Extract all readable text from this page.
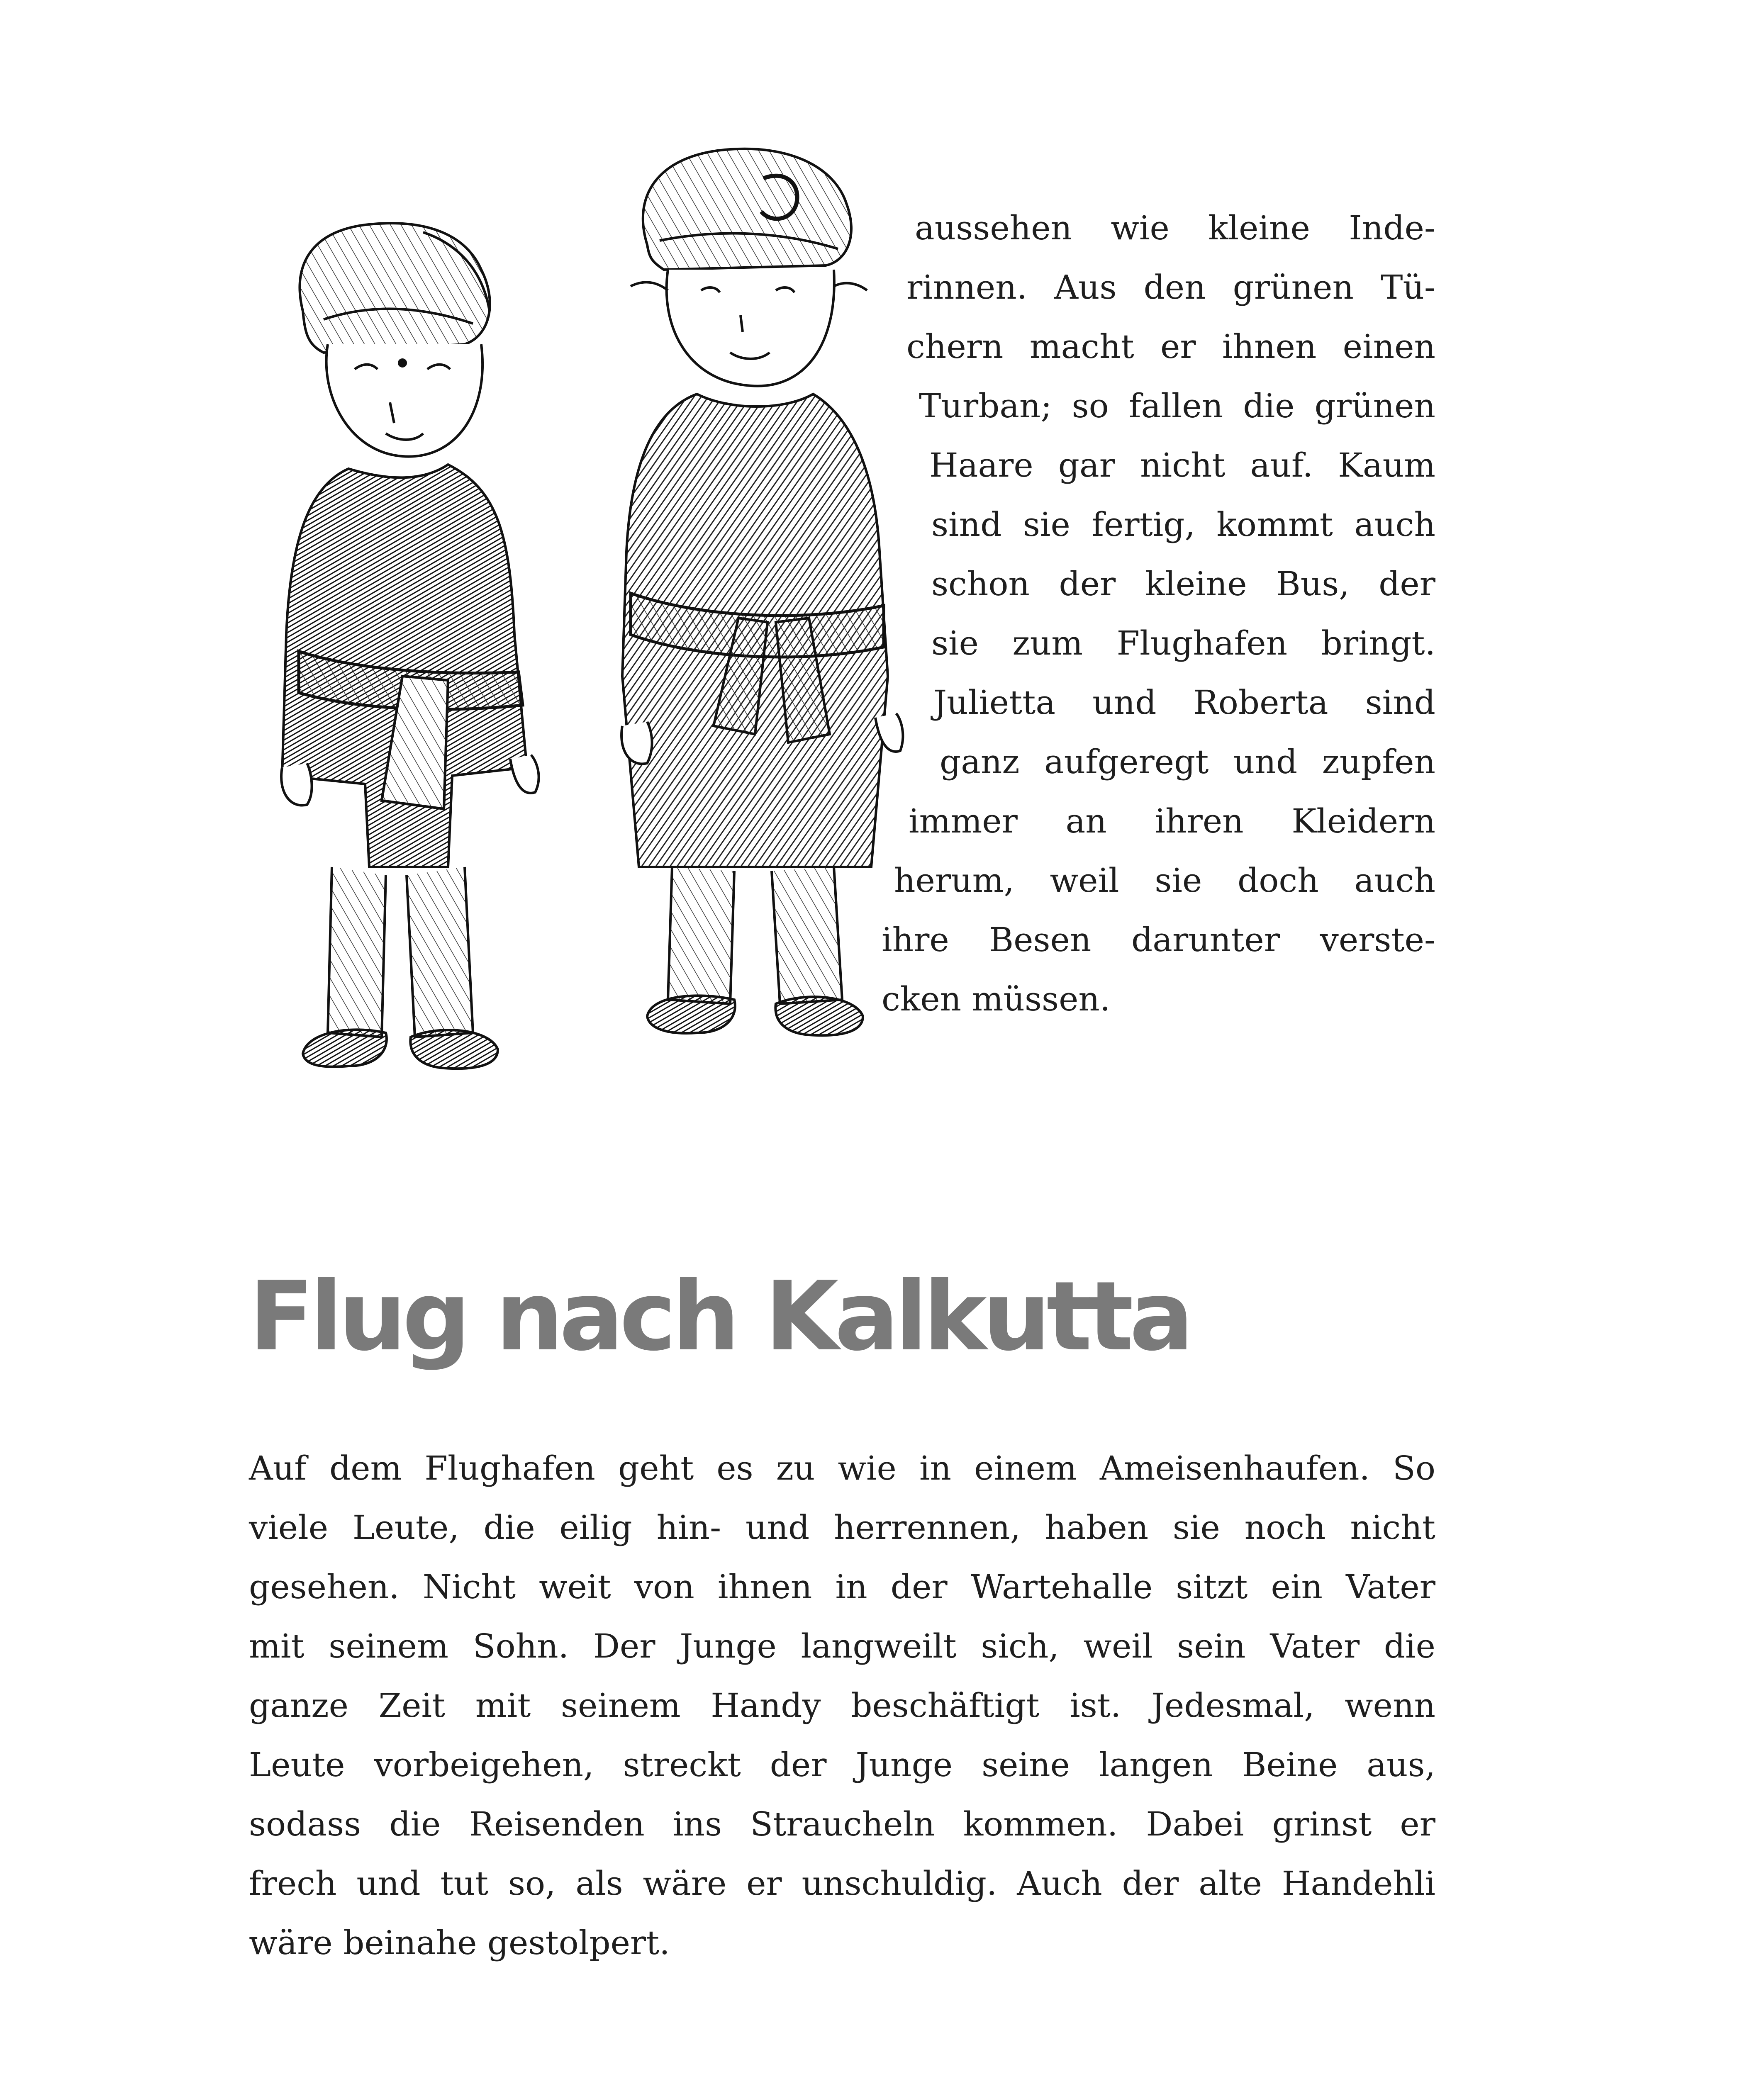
aussehen wie kleine Inde-
rinnen. Aus den grünen Tü-
chern macht er ihnen einen
Turban; so fallen die grünen
Haare gar nicht auf. Kaum
sind sie fertig, kommt auch
schon der kleine Bus, der
sie zum Flughafen bringt.
Julietta und Roberta sind
ganz aufgeregt und zupfen
immer an ihren Kleidern
herum, weil sie doch auch
ihre Besen darunter verste-
cken müssen.
Flug nach Kalkutta
Auf dem Flughafen geht es zu wie in einem Ameisenhaufen. So
viele Leute, die eilig hin- und herrennen, haben sie noch nicht
gesehen. Nicht weit von ihnen in der Wartehalle sitzt ein Vater
mit seinem Sohn. Der Junge langweilt sich, weil sein Vater die
ganze Zeit mit seinem Handy beschäftigt ist. Jedesmal, wenn
Leute vorbeigehen, streckt der Junge seine langen Beine aus,
sodass die Reisenden ins Straucheln kommen. Dabei grinst er
frech und tut so, als wäre er unschuldig. Auch der alte Handehli
wäre beinahe gestolpert.
